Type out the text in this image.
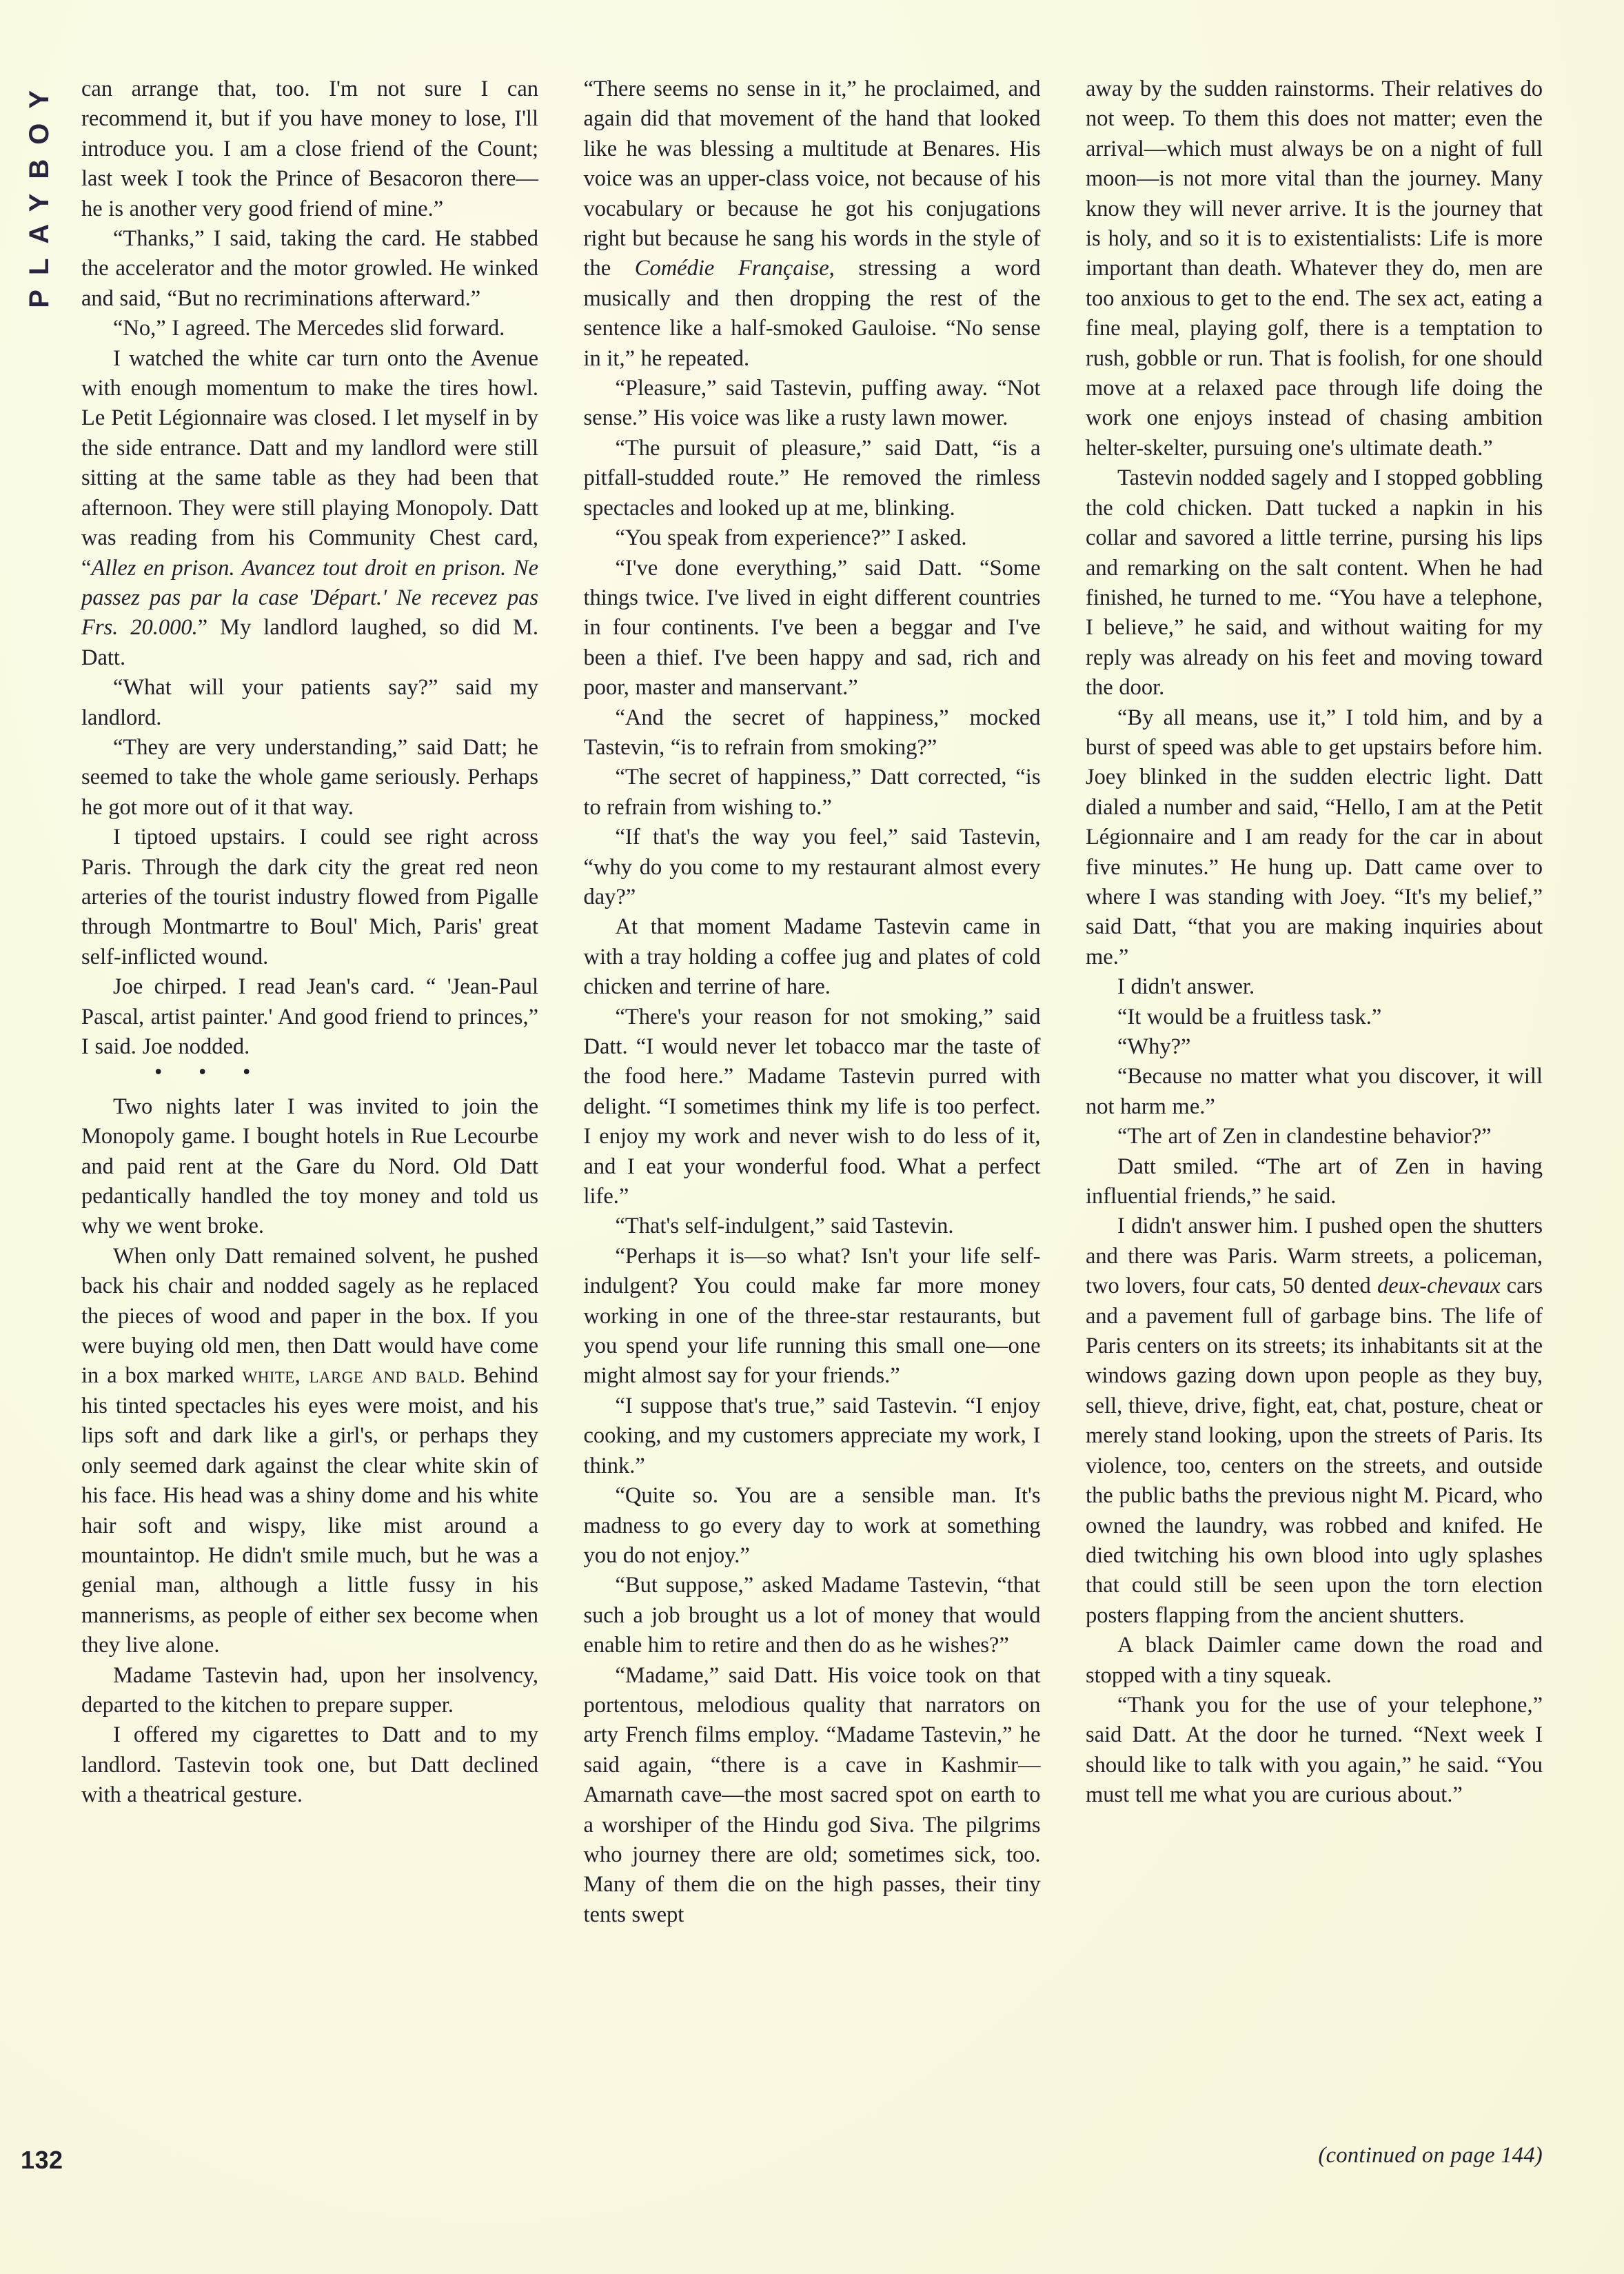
PLAYBOY can arrange that, too. I'm not sure I can recommend it, but if you have money to lose, I'll introduce you. I am a close friend of the Count; last week I took the Prince of Besacoron there—he is another very good friend of mine.”

“Thanks,” I said, taking the card. He stabbed the accelerator and the motor growled. He winked and said, “But no recriminations afterward.”

“No,” I agreed. The Mercedes slid forward.

I watched the white car turn onto the Avenue with enough momentum to make the tires howl. Le Petit Légionnaire was closed. I let myself in by the side entrance. Datt and my landlord were still sitting at the same table as they had been that afternoon. They were still playing Monopoly. Datt was reading from his Community Chest card, “Allez en prison. Avancez tout droit en prison. Ne passez pas par la case 'Départ.' Ne recevez pas Frs. 20.000.” My landlord laughed, so did M. Datt.

“What will your patients say?” said my landlord.

“They are very understanding,” said Datt; he seemed to take the whole game seriously. Perhaps he got more out of it that way.

I tiptoed upstairs. I could see right across Paris. Through the dark city the great red neon arteries of the tourist industry flowed from Pigalle through Montmartre to Boul' Mich, Paris' great self-inflicted wound.

Joe chirped. I read Jean's card. “ 'Jean-Paul Pascal, artist painter.' And good friend to princes,” I said. Joe nodded.

• • •

Two nights later I was invited to join the Monopoly game. I bought hotels in Rue Lecourbe and paid rent at the Gare du Nord. Old Datt pedantically handled the toy money and told us why we went broke.

When only Datt remained solvent, he pushed back his chair and nodded sagely as he replaced the pieces of wood and paper in the box. If you were buying old men, then Datt would have come in a box marked white, large and bald. Behind his tinted spectacles his eyes were moist, and his lips soft and dark like a girl's, or perhaps they only seemed dark against the clear white skin of his face. His head was a shiny dome and his white hair soft and wispy, like mist around a mountaintop. He didn't smile much, but he was a genial man, although a little fussy in his mannerisms, as people of either sex become when they live alone.

Madame Tastevin had, upon her insolvency, departed to the kitchen to prepare supper.

I offered my cigarettes to Datt and to my landlord. Tastevin took one, but Datt declined with a theatrical gesture.

“There seems no sense in it,” he proclaimed, and again did that movement of the hand that looked like he was blessing a multitude at Benares. His voice was an upper-class voice, not because of his vocabulary or because he got his conjugations right but because he sang his words in the style of the Comédie Française, stressing a word musically and then dropping the rest of the sentence like a half-smoked Gauloise. “No sense in it,” he repeated.

“Pleasure,” said Tastevin, puffing away. “Not sense.” His voice was like a rusty lawn mower.

“The pursuit of pleasure,” said Datt, “is a pitfall-studded route.” He removed the rimless spectacles and looked up at me, blinking.

“You speak from experience?” I asked.

“I've done everything,” said Datt. “Some things twice. I've lived in eight different countries in four continents. I've been a beggar and I've been a thief. I've been happy and sad, rich and poor, master and manservant.”

“And the secret of happiness,” mocked Tastevin, “is to refrain from smoking?”

“The secret of happiness,” Datt corrected, “is to refrain from wishing to.”

“If that's the way you feel,” said Tastevin, “why do you come to my restaurant almost every day?”

At that moment Madame Tastevin came in with a tray holding a coffee jug and plates of cold chicken and terrine of hare.

“There's your reason for not smoking,” said Datt. “I would never let tobacco mar the taste of the food here.” Madame Tastevin purred with delight. “I sometimes think my life is too perfect. I enjoy my work and never wish to do less of it, and I eat your wonderful food. What a perfect life.”

“That's self-indulgent,” said Tastevin.

“Perhaps it is—so what? Isn't your life self-indulgent? You could make far more money working in one of the three-star restaurants, but you spend your life running this small one—one might almost say for your friends.”

“I suppose that's true,” said Tastevin. “I enjoy cooking, and my customers appreciate my work, I think.”

“Quite so. You are a sensible man. It's madness to go every day to work at something you do not enjoy.”

“But suppose,” asked Madame Tastevin, “that such a job brought us a lot of money that would enable him to retire and then do as he wishes?”

“Madame,” said Datt. His voice took on that portentous, melodious quality that narrators on arty French films employ. “Madame Tastevin,” he said again, “there is a cave in Kashmir—Amarnath cave—the most sacred spot on earth to a worshiper of the Hindu god Siva. The pilgrims who journey there are old; sometimes sick, too. Many of them die on the high passes, their tiny tents swept

away by the sudden rainstorms. Their relatives do not weep. To them this does not matter; even the arrival—which must always be on a night of full moon—is not more vital than the journey. Many know they will never arrive. It is the journey that is holy, and so it is to existentialists: Life is more important than death. Whatever they do, men are too anxious to get to the end. The sex act, eating a fine meal, playing golf, there is a temptation to rush, gobble or run. That is foolish, for one should move at a relaxed pace through life doing the work one enjoys instead of chasing ambition helter-skelter, pursuing one's ultimate death.”

Tastevin nodded sagely and I stopped gobbling the cold chicken. Datt tucked a napkin in his collar and savored a little terrine, pursing his lips and remarking on the salt content. When he had finished, he turned to me. “You have a telephone, I believe,” he said, and without waiting for my reply was already on his feet and moving toward the door.

“By all means, use it,” I told him, and by a burst of speed was able to get upstairs before him. Joey blinked in the sudden electric light. Datt dialed a number and said, “Hello, I am at the Petit Légionnaire and I am ready for the car in about five minutes.” He hung up. Datt came over to where I was standing with Joey. “It's my belief,” said Datt, “that you are making inquiries about me.”

I didn't answer.

“It would be a fruitless task.”

“Why?”

“Because no matter what you discover, it will not harm me.”

“The art of Zen in clandestine behavior?”

Datt smiled. “The art of Zen in having influential friends,” he said.

I didn't answer him. I pushed open the shutters and there was Paris. Warm streets, a policeman, two lovers, four cats, 50 dented deux-chevaux cars and a pavement full of garbage bins. The life of Paris centers on its streets; its inhabitants sit at the windows gazing down upon people as they buy, sell, thieve, drive, fight, eat, chat, posture, cheat or merely stand looking, upon the streets of Paris. Its violence, too, centers on the streets, and outside the public baths the previous night M. Picard, who owned the laundry, was robbed and knifed. He died twitching his own blood into ugly splashes that could still be seen upon the torn election posters flapping from the ancient shutters.

A black Daimler came down the road and stopped with a tiny squeak.

“Thank you for the use of your telephone,” said Datt. At the door he turned. “Next week I should like to talk with you again,” he said. “You must tell me what you are curious about.”

132	(continued on page 144)
